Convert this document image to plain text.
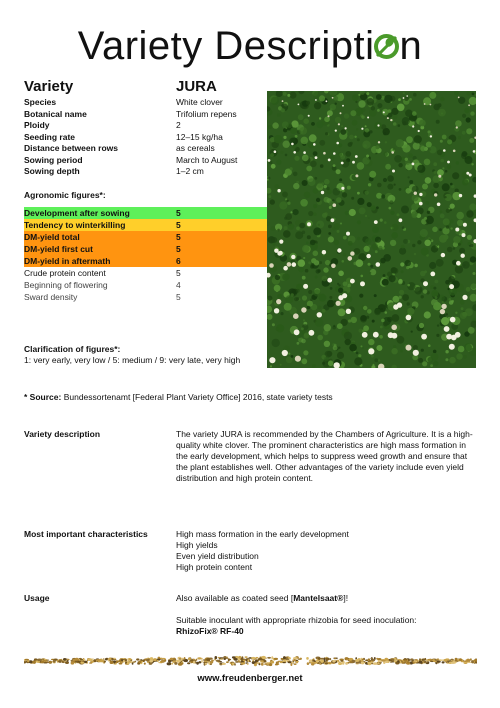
Variety Descripti n
Variety	JURA
Species	White clover
Botanical name	Trifolium repens
Ploidy	2
Seeding rate	12–15 kg/ha
Distance between rows	as cereals
Sowing period	March to August
Sowing depth	1–2 cm
Agronomic figures*:
Development after sowing	5
Tendency to winterkilling	5
DM-yield total	5
DM-yield first cut	5
DM-yield in aftermath	6
Crude protein content	5
Beginning of flowering	4
Sward density	5
Clarification of figures*:
1: very early, very low / 5: medium / 9: very late, very high
* Source: Bundessortenamt [Federal Plant Variety Office] 2016, state variety tests
Variety description	The variety JURA is recommended by the Chambers of Agriculture. It is a high-quality white clover. The prominent characteristics are high mass formation in the early development, which helps to suppress weed growth and ensure that the plant establishes well. Other advantages of the variety include even yield distribution and high protein content.
Most important characteristics	High mass formation in the early development

High yields

Even yield distribution

High protein content

Usage	Also available as coated seed [Mantelsaat®]!

Suitable inoculant with appropriate rhizobia for seed inoculation:

RhizoFix® RF-40

www.freudenberger.net
